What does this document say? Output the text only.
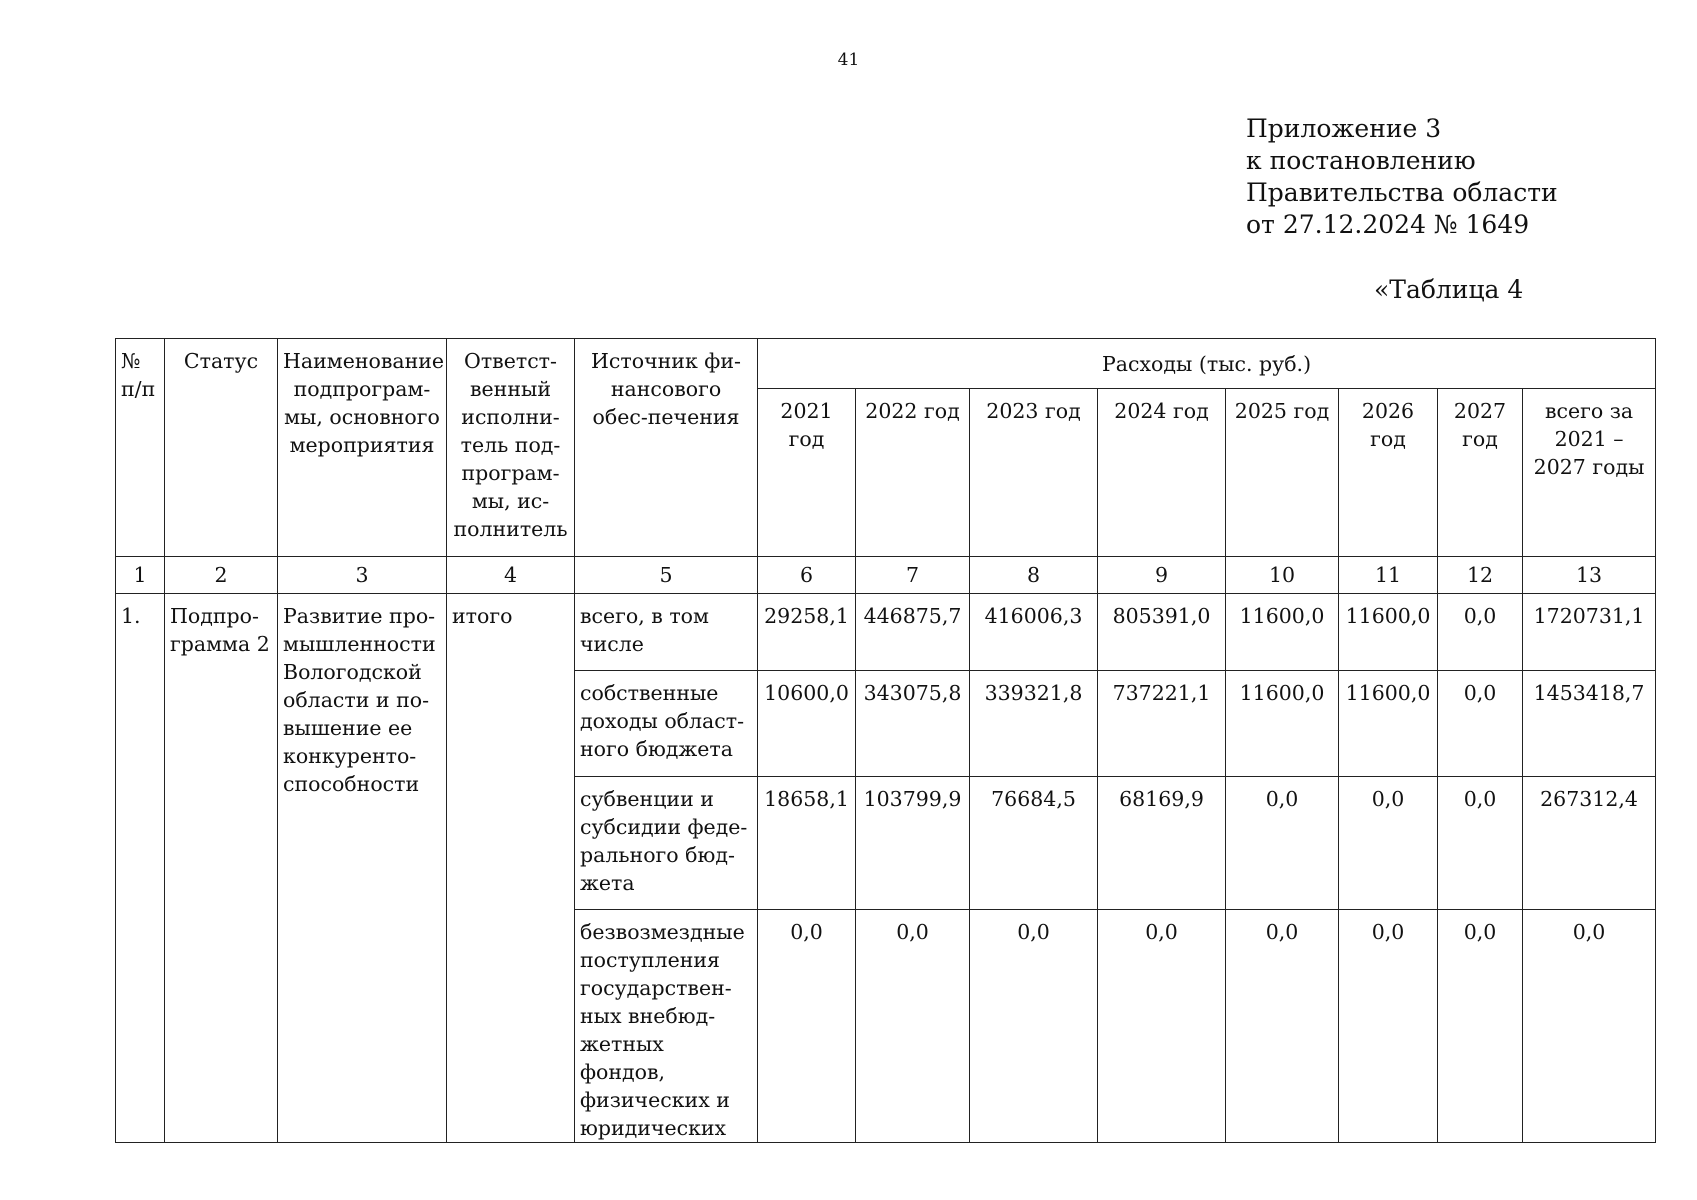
41
Приложение 3
к постановлению
Правительства области
от 27.12.2024 № 1649
«Таблица 4
№ п/п	Статус	Наименование подпрограм-мы, основного мероприятия	Ответст-венный исполни-тель под-програм-мы, ис-полнитель	Источник фи-нансового обес-печения	Расходы (тыс. руб.)							
					2021 год	2022 год	2023 год	2024 год	2025 год	2026 год	2027 год	всего за 2021 – 2027 годы
1	2	3	4	5	6	7	8	9	10	11	12	13
1.	Подпро-грамма 2	Развитие про-мышленности Вологодской области и по-вышение ее конкуренто-способности	итого	всего, в том числе	29258,1	446875,7	416006,3	805391,0	11600,0	11600,0	0,0	1720731,1
				собственные доходы област-ного бюджета	10600,0	343075,8	339321,8	737221,1	11600,0	11600,0	0,0	1453418,7
				субвенции и субсидии феде-рального бюд-жета	18658,1	103799,9	76684,5	68169,9	0,0	0,0	0,0	267312,4
				безвозмездные поступления государствен-ных внебюд-жетных фондов, физических и юридических	0,0	0,0	0,0	0,0	0,0	0,0	0,0	0,0
